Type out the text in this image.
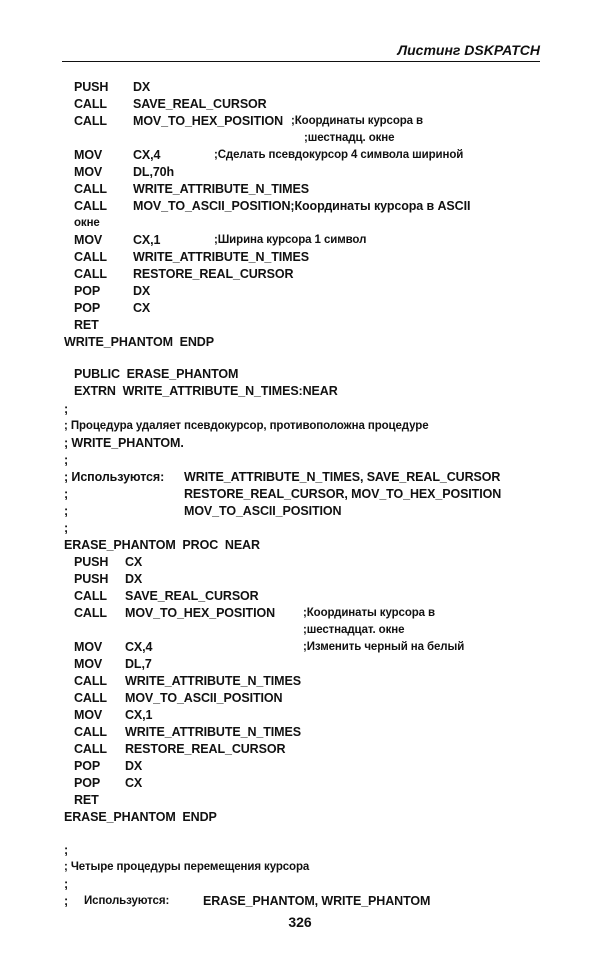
Листинг DSKPATCH
PUSH DX
CALL SAVE_REAL_CURSOR
CALL MOV_TO_HEX_POSITION ;Координаты курсора в
;шестнадц. окне
MOV CX,4	;Сделать псевдокурсор 4 символа шириной
MOV DL,70h
CALL WRITE_ATTRIBUTE_N_TIMES
CALL MOV_TO_ASCII_POSITION;Координаты курсора в ASCII
окне
MOV CX,1	;Ширина курсора 1 символ
CALL WRITE_ATTRIBUTE_N_TIMES
CALL RESTORE_REAL_CURSOR
POP	DX
POP	CX
RET
WRITE_PHANTOM  ENDP
PUBLIC  ERASE_PHANTOM
EXTRN  WRITE_ATTRIBUTE_N_TIMES:NEAR
;
; Процедура удаляет псевдокурсор, противоположна процедуре
; WRITE_PHANTOM.
;
; Используются: WRITE_ATTRIBUTE_N_TIMES, SAVE_REAL_CURSOR
;	RESTORE_REAL_CURSOR, MOV_TO_HEX_POSITION
;	MOV_TO_ASCII_POSITION
;
ERASE_PHANTOM  PROC  NEAR
PUSH CX
PUSH DX
CALL SAVE_REAL_CURSOR
CALL MOV_TO_HEX_POSITION ;Координаты курсора в
;шестнадцат. окне
MOV CX,4	;Изменить черный на белый
MOV DL,7
CALL WRITE_ATTRIBUTE_N_TIMES
CALL MOV_TO_ASCII_POSITION
MOV CX,1
CALL WRITE_ATTRIBUTE_N_TIMES
CALL RESTORE_REAL_CURSOR
POP DX
POP CX
RET
ERASE_PHANTOM  ENDP
;
; Четыре процедуры перемещения курсора
;
; Используются:	ERASE_PHANTOM, WRITE_PHANTOM
326
